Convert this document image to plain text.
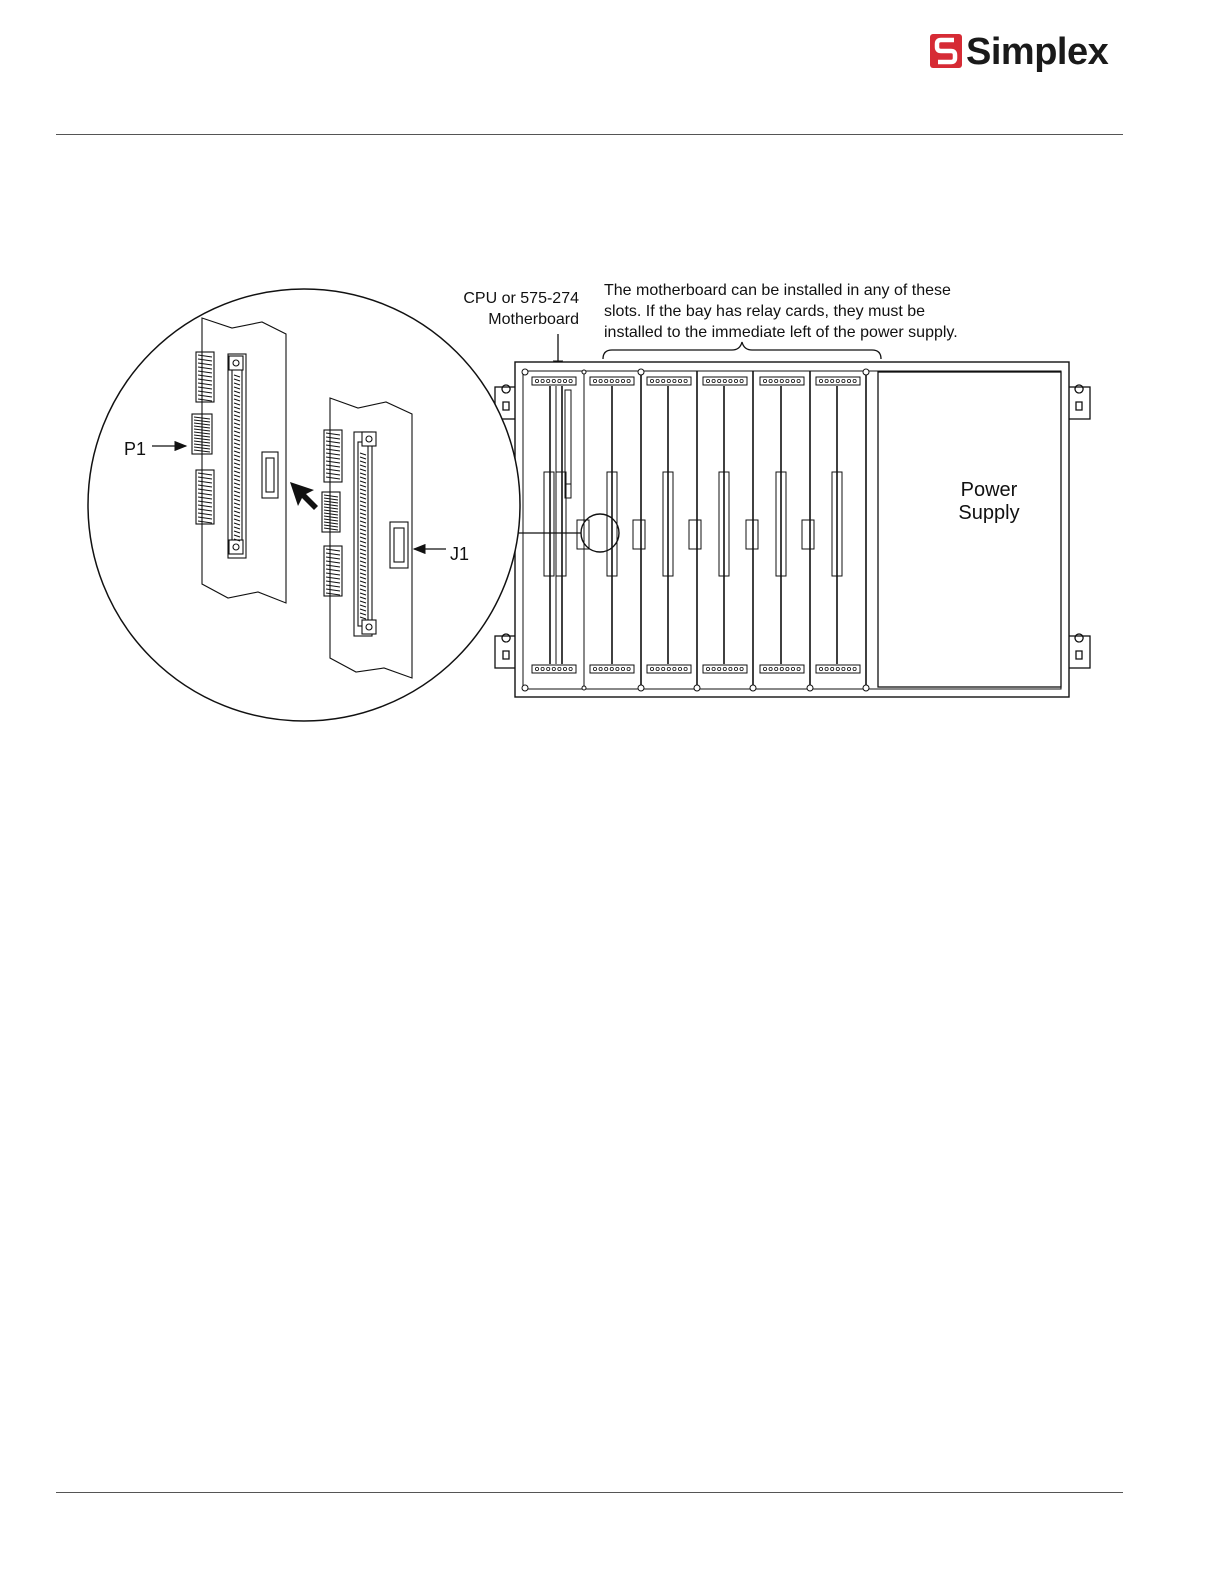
Simplex
CPU or 575-274
Motherboard
The motherboard can be installed in any of these
slots. If the bay has relay cards, they must be
installed to the immediate left of the power supply.
Power
Supply
P1
J1
